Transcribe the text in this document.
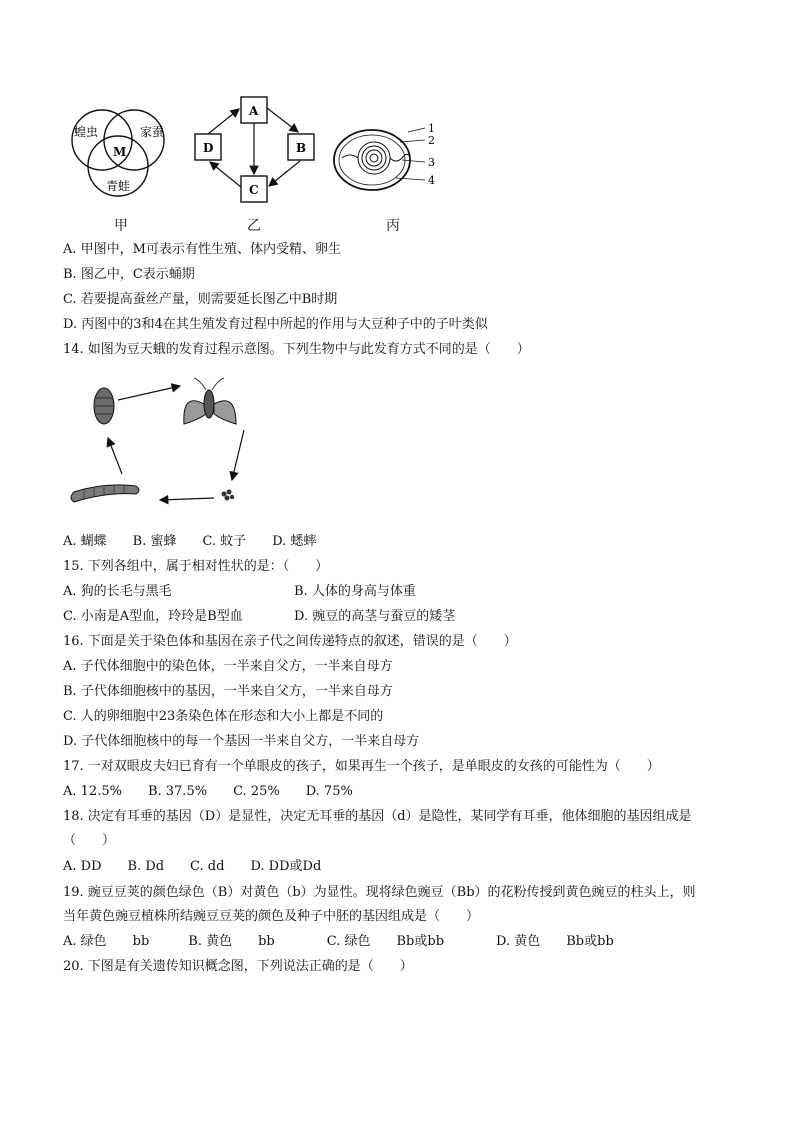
蝗虫	家蚕
青蛙
M
甲
A
B
C
D
乙
1
2
3
4
丙
A. 甲图中，M可表示有性生殖、体内受精、卵生
B. 图乙中，C表示蛹期
C. 若要提高蚕丝产量，则需要延长图乙中B时期
D. 丙图中的3和4在其生殖发育过程中所起的作用与大豆种子中的子叶类似
14. 如图为豆天蛾的发育过程示意图。下列生物中与此发育方式不同的是（　　）
A. 蝴蝶　　B. 蜜蜂　　C. 蚊子　　D. 蟋蟀
15. 下列各组中，属于相对性状的是：（　　）
A. 狗的长毛与黑毛	B. 人体的身高与体重
C. 小南是A型血，玲玲是B型血	D. 豌豆的高茎与蚕豆的矮茎
16. 下面是关于染色体和基因在亲子代之间传递特点的叙述，错误的是（　　）
A. 子代体细胞中的染色体，一半来自父方，一半来自母方
B. 子代体细胞核中的基因，一半来自父方，一半来自母方
C. 人的卵细胞中23条染色体在形态和大小上都是不同的
D. 子代体细胞核中的每一个基因一半来自父方，一半来自母方
17. 一对双眼皮夫妇已育有一个单眼皮的孩子，如果再生一个孩子，是单眼皮的女孩的可能性为（　　）
A. 12.5%　　B. 37.5%　　C. 25%　　D. 75%
18. 决定有耳垂的基因（D）是显性，决定无耳垂的基因（d）是隐性，某同学有耳垂，他体细胞的基因组成是
（　　）
A. DD　　B. Dd　　C. dd　　D. DD或Dd
19. 豌豆豆荚的颜色绿色（B）对黄色（b）为显性。现将绿色豌豆（Bb）的花粉传授到黄色豌豆的柱头上，则
当年黄色豌豆植株所结豌豆豆荚的颜色及种子中胚的基因组成是（　　）
A. 绿色　　bb　　　B. 黄色　　bb　　　　C. 绿色　　Bb或bb　　　　D. 黄色　　Bb或bb
20. 下图是有关遗传知识概念图，下列说法正确的是（　　）
